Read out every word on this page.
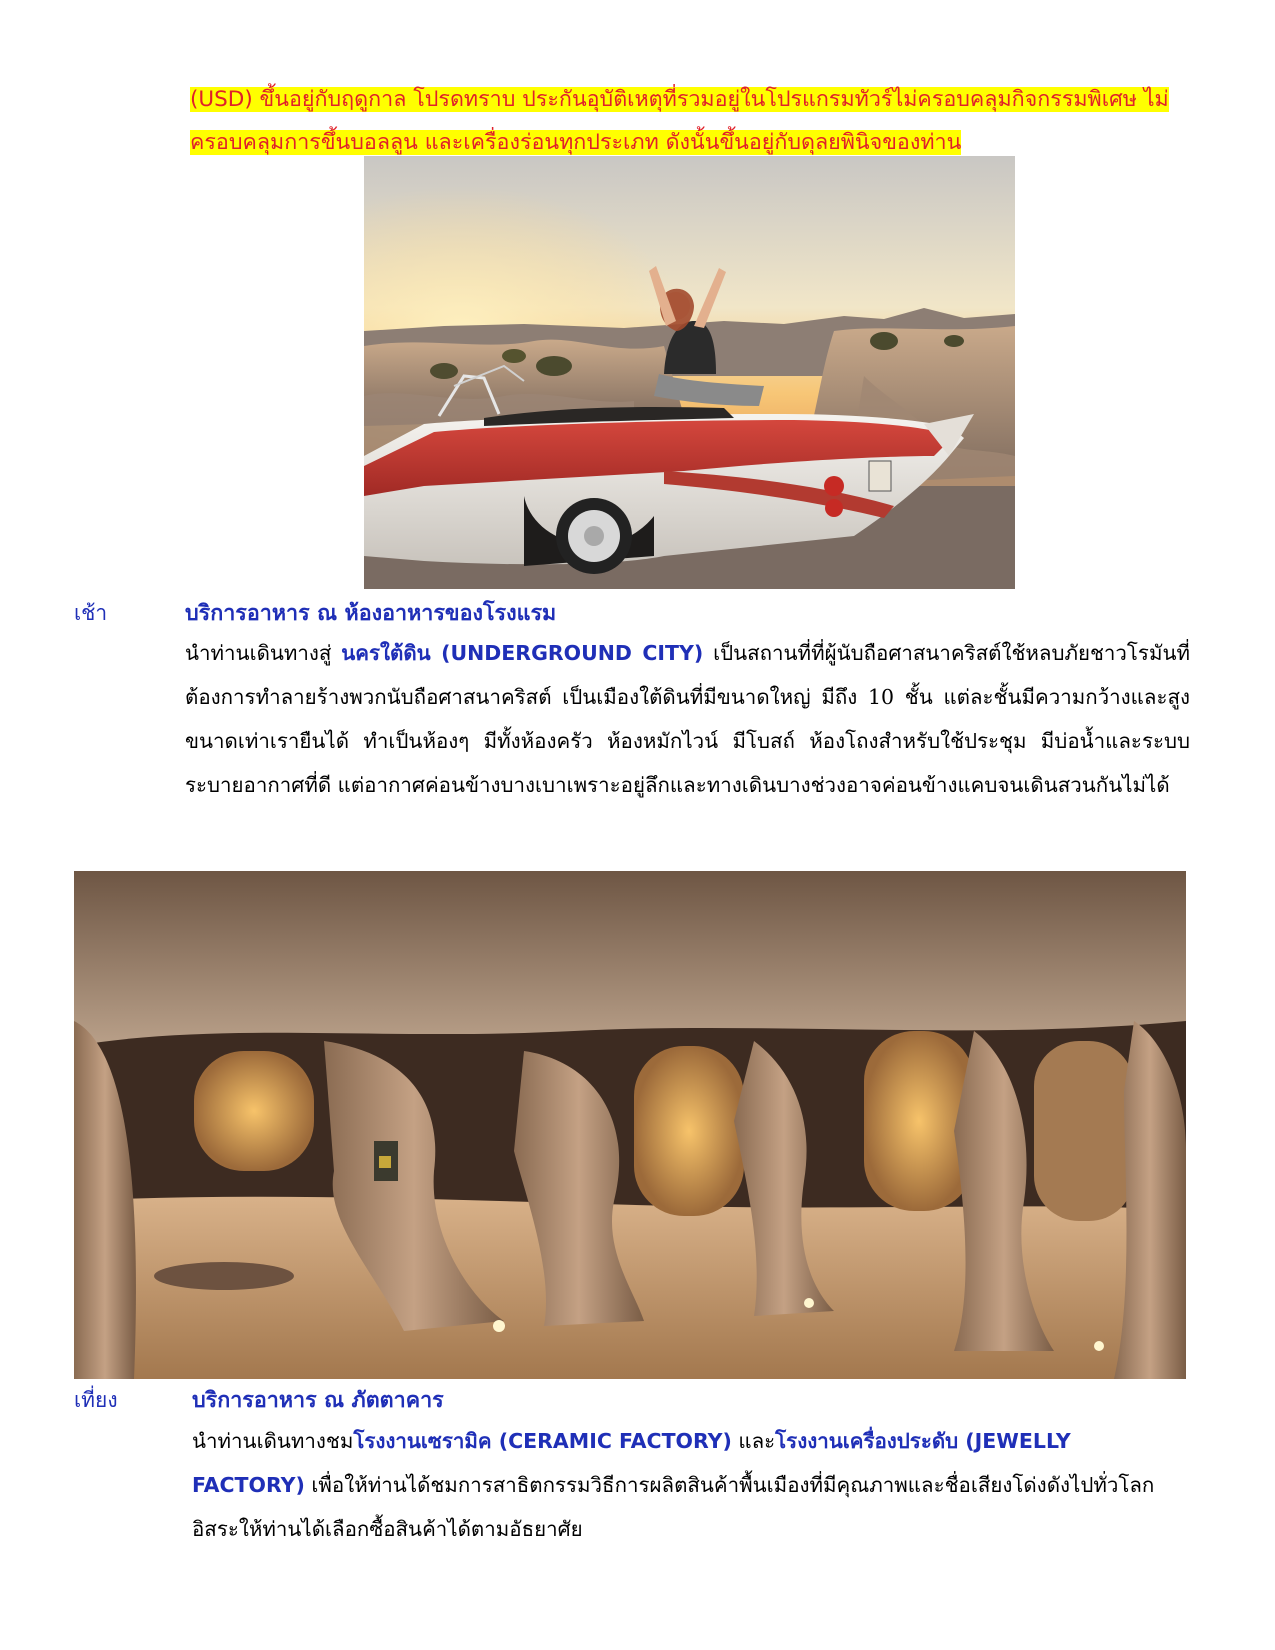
(USD) ขึ้นอยู่กับฤดูกาล โปรดทราบ ประกันอุบัติเหตุที่รวมอยู่ในโปรแกรมทัวร์ไม่ครอบคลุมกิจกรรมพิเศษ ไม่ครอบคลุมการขึ้นบอลลูน และเครื่องร่อนทุกประเภท ดังนั้นขึ้นอยู่กับดุลยพินิจของท่าน
เช้า	บริการอาหาร ณ ห้องอาหารของโรงแรม
นำท่านเดินทางสู่ นครใต้ดิน (UNDERGROUND CITY) เป็นสถานที่ที่ผู้นับถือศาสนาคริสต์ใช้หลบภัยชาวโรมันที่ต้องการทำลายร้างพวกนับถือศาสนาคริสต์ เป็นเมืองใต้ดินที่มีขนาดใหญ่ มีถึง 10 ชั้น แต่ละชั้นมีความกว้างและสูงขนาดเท่าเรายืนได้ ทำเป็นห้องๆ มีทั้งห้องครัว ห้องหมักไวน์ มีโบสถ์ ห้องโถงสำหรับใช้ประชุม มีบ่อน้ำและระบบระบายอากาศที่ดี แต่อากาศค่อนข้างบางเบาเพราะอยู่ลึกและทางเดินบางช่วงอาจค่อนข้างแคบจนเดินสวนกันไม่ได้
เที่ยง	บริการอาหาร ณ ภัตตาคาร
นำท่านเดินทางชมโรงงานเซรามิค (CERAMIC FACTORY) และโรงงานเครื่องประดับ (JEWELLY FACTORY) เพื่อให้ท่านได้ชมการสาธิตกรรมวิธีการผลิตสินค้าพื้นเมืองที่มีคุณภาพและชื่อเสียงโด่งดังไปทั่วโลก อิสระให้ท่านได้เลือกซื้อสินค้าได้ตามอัธยาศัย
